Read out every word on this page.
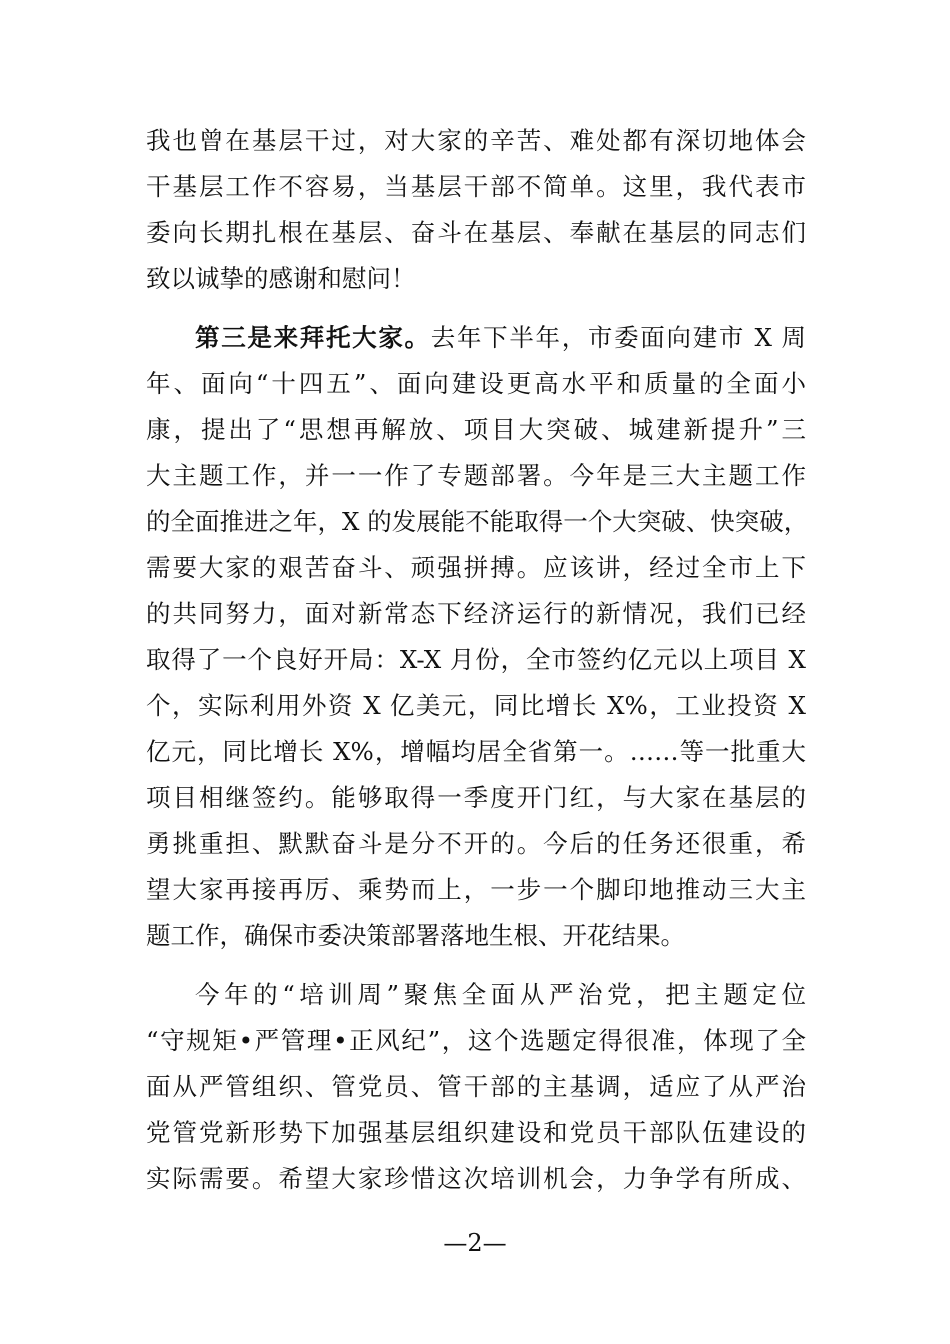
我也曾在基层干过，对大家的辛苦、难处都有深切地体会
干基层工作不容易，当基层干部不简单。这里，我代表市
委向长期扎根在基层、奋斗在基层、奉献在基层的同志们
致以诚挚的感谢和慰问！
第三是来拜托大家。去年下半年，市委面向建市 X 周
年、面向“十四五”、面向建设更高水平和质量的全面小
康，提出了“思想再解放、项目大突破、城建新提升”三
大主题工作，并一一作了专题部署。今年是三大主题工作
的全面推进之年，X 的发展能不能取得一个大突破、快突破，
需要大家的艰苦奋斗、顽强拼搏。应该讲，经过全市上下
的共同努力，面对新常态下经济运行的新情况，我们已经
取得了一个良好开局：X-X 月份，全市签约亿元以上项目 X
个，实际利用外资 X 亿美元，同比增长 X%，工业投资 X
亿元，同比增长 X%，增幅均居全省第一。……等一批重大
项目相继签约。能够取得一季度开门红，与大家在基层的
勇挑重担、默默奋斗是分不开的。今后的任务还很重，希
望大家再接再厉、乘势而上，一步一个脚印地推动三大主
题工作，确保市委决策部署落地生根、开花结果。
今年的“培训周”聚焦全面从严治党，把主题定位
“守规矩•严管理•正风纪”，这个选题定得很准，体现了全
面从严管组织、管党员、管干部的主基调，适应了从严治
党管党新形势下加强基层组织建设和党员干部队伍建设的
实际需要。希望大家珍惜这次培训机会，力争学有所成、
—2—
